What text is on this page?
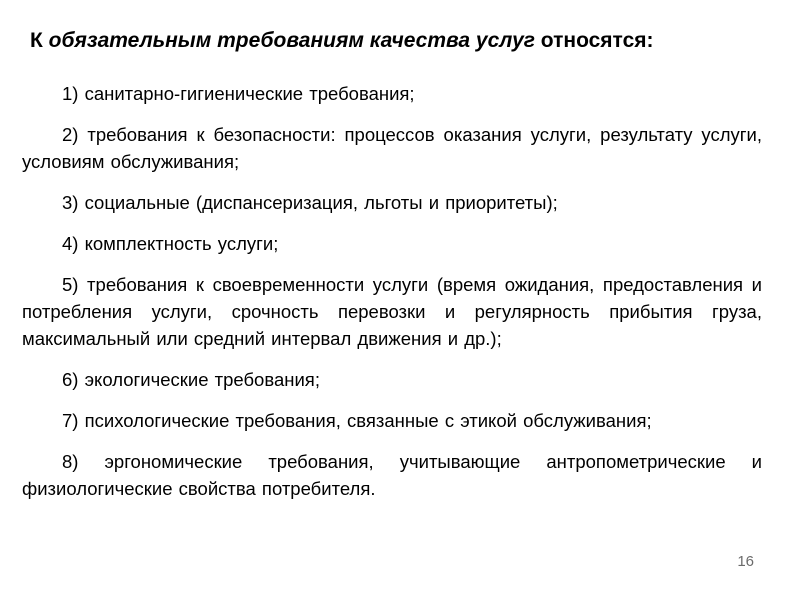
К обязательным требованиям качества услуг относятся:

1) санитарно-гигиенические требования;

2) требования к безопасности: процессов оказания услуги, результату услуги, условиям обслуживания;

3) социальные (диспансеризация, льготы и приоритеты);

4) комплектность услуги;

5) требования к своевременности услуги (время ожидания, предоставления и потребления услуги, срочность перевозки и регулярность прибытия груза, максимальный или средний интервал движения и др.);

6) экологические требования;

7) психологические требования, связанные с этикой обслуживания;

8) эргономические требования, учитывающие антропометрические и физиологические свойства потребителя.

16
